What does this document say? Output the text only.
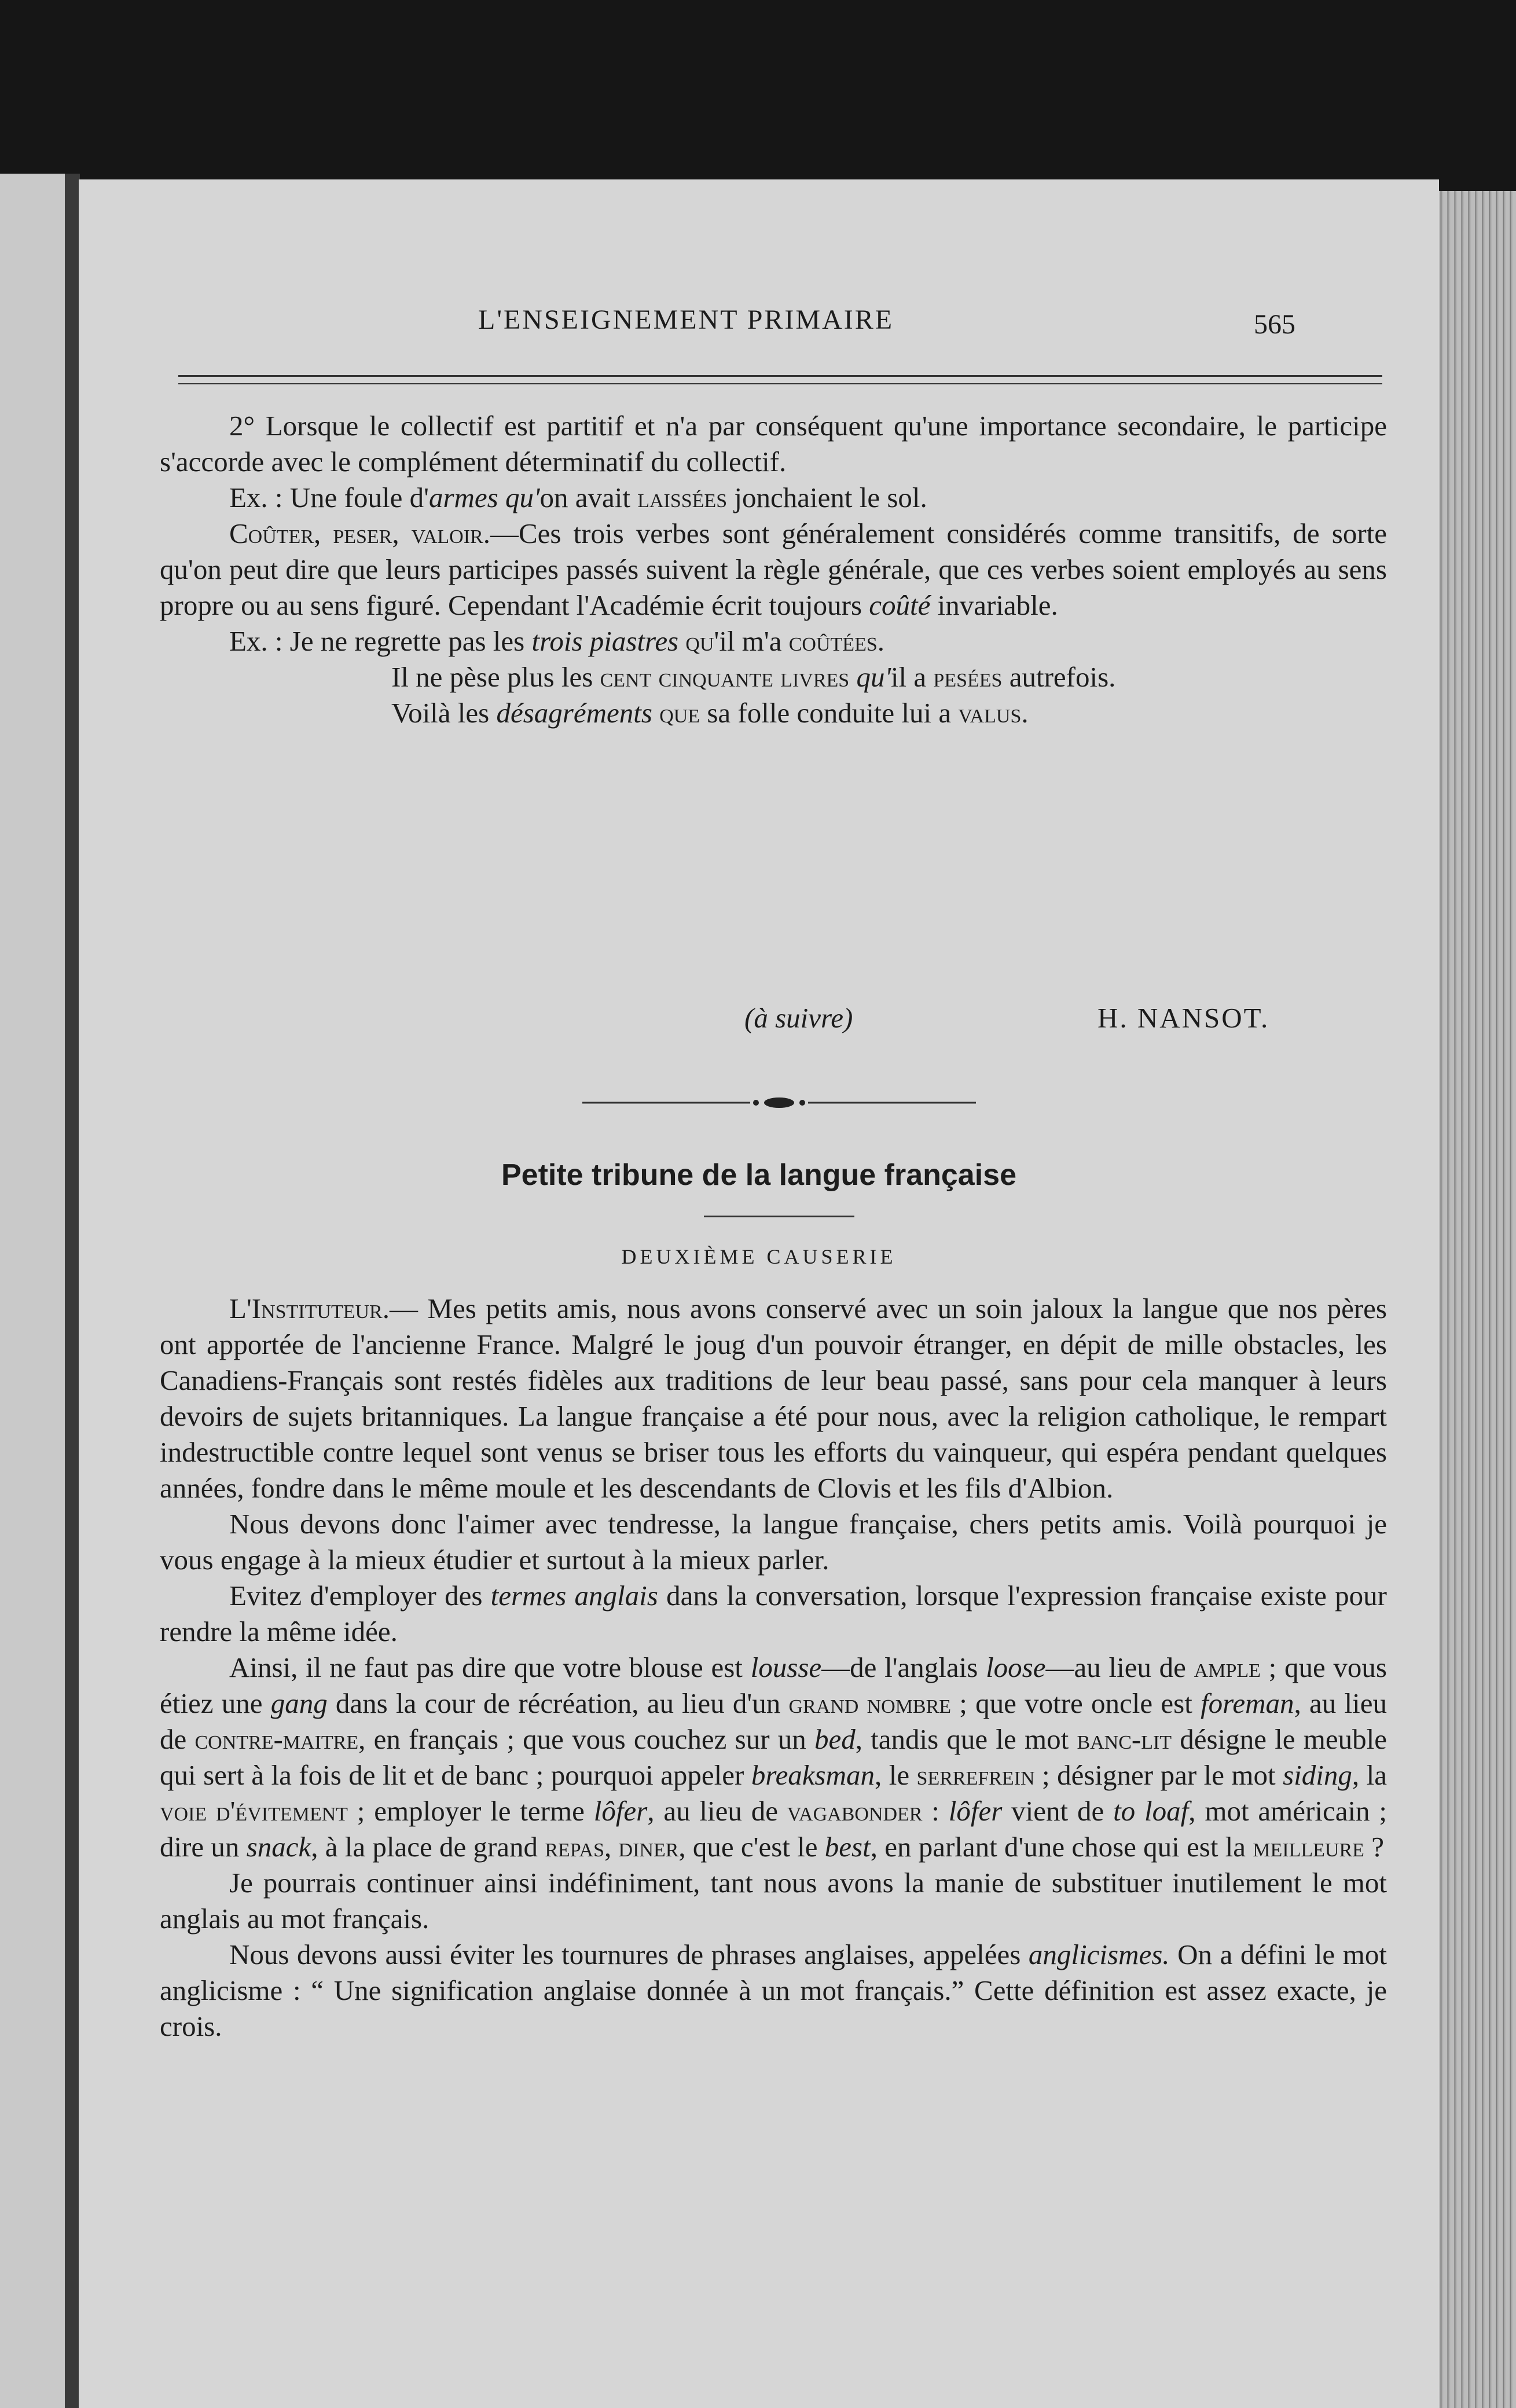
L'ENSEIGNEMENT PRIMAIRE	565

2° Lorsque le collectif est partitif et n'a par conséquent qu'une importance secondaire, le participe s'accorde avec le complément déterminatif du collectif.

Ex. : Une foule d'armes qu'on avait laissées jonchaient le sol.

Coûter, peser, valoir.—Ces trois verbes sont généralement considérés comme transitifs, de sorte qu'on peut dire que leurs participes passés suivent la règle générale, que ces verbes soient employés au sens propre ou au sens figuré. Cependant l'Académie écrit toujours coûté invariable.

Ex. : Je ne regrette pas les trois piastres qu'il m'a coûtées.

Il ne pèse plus les cent cinquante livres qu'il a pesées autrefois.

Voilà les désagréments que sa folle conduite lui a valus.

(à suivre)	H. NANSOT.
Petite tribune de la langue française
DEUXIÈME CAUSERIE

L'Instituteur.— Mes petits amis, nous avons conservé avec un soin jaloux la langue que nos pères ont apportée de l'ancienne France. Malgré le joug d'un pouvoir étranger, en dépit de mille obstacles, les Canadiens-Français sont restés fidèles aux traditions de leur beau passé, sans pour cela manquer à leurs devoirs de sujets britanniques. La langue française a été pour nous, avec la religion catholique, le rempart indestructible contre lequel sont venus se briser tous les efforts du vainqueur, qui espéra pendant quelques années, fondre dans le même moule et les descendants de Clovis et les fils d'Albion.

Nous devons donc l'aimer avec tendresse, la langue française, chers petits amis. Voilà pourquoi je vous engage à la mieux étudier et surtout à la mieux parler.

Evitez d'employer des termes anglais dans la conversation, lorsque l'expression française existe pour rendre la même idée.

Ainsi, il ne faut pas dire que votre blouse est lousse—de l'anglais loose—au lieu de ample ; que vous étiez une gang dans la cour de récréation, au lieu d'un grand nombre ; que votre oncle est foreman, au lieu de contre-maitre, en français ; que vous couchez sur un bed, tandis que le mot banc-lit désigne le meuble qui sert à la fois de lit et de banc ; pourquoi appeler breaksman, le serrefrein ; désigner par le mot siding, la voie d'évitement ; employer le terme lôfer, au lieu de vagabonder : lôfer vient de to loaf, mot américain ; dire un snack, à la place de grand repas, diner, que c'est le best, en parlant d'une chose qui est la meilleure ?

Je pourrais continuer ainsi indéfiniment, tant nous avons la manie de substituer inutilement le mot anglais au mot français.

Nous devons aussi éviter les tournures de phrases anglaises, appelées anglicismes. On a défini le mot anglicisme : “ Une signification anglaise donnée à un mot français.” Cette définition est assez exacte, je crois.
